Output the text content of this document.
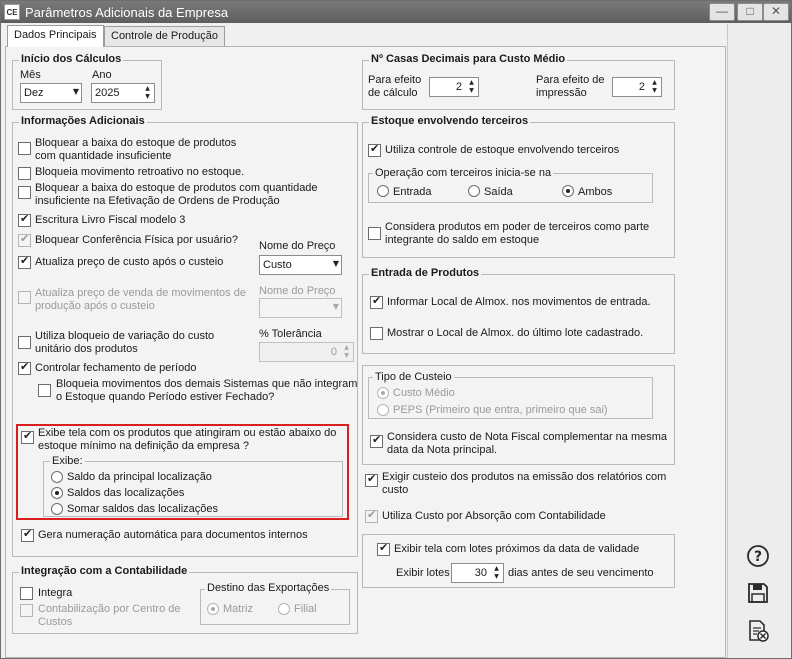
CE Parâmetros Adicionais da Empresa	—	□	✕
Dados Principais	Controle de Produção
Início dos Cálculos
Mês
Dez	▼
Ano
2025	▲
▼
Informações Adicionais
Bloquear a baixa do estoque de produtos
com quantidade insuficiente
Bloqueia movimento retroativo no estoque.
Bloquear a baixa do estoque de produtos com quantidade
insuficiente na Efetivação de Ordens de Produção
✔
Escritura Livro Fiscal modelo 3
✔
Bloquear Conferência Física por usuário? Nome do Preço
✔
Atualiza preço de custo após o custeio	Custo	▼
Nome do Preço
Atualiza preço de venda de movimentos de
produção após o custeio	▼
% Tolerância
Utiliza bloqueio de variação do custo
unitário dos produtos	0	▲
▼
✔
Controlar fechamento de período
Bloqueia movimentos dos demais Sistemas que não integram
o Estoque quando Período estiver Fechado?
✔
Exibe tela com os produtos que atingiram ou estão abaixo do
estoque mínimo na definição da empresa ?
Exibe:
Saldo da principal localização
Saldos das localizações
Somar saldos das localizações
✔
Gera numeração automática para documentos internos
Integração com a Contabilidade
Integra
Contabilização por Centro de
Custos
Destino das Exportações
Matriz	Filial
Nº Casas Decimais para Custo Médio
Para efeito
de cálculo	2	▲
▼
Para efeito de
impressão	2	▲
▼
Estoque envolvendo terceiros
✔
Utiliza controle de estoque envolvendo terceiros
Operação com terceiros inicia-se na
Entrada	Saída	Ambos
Considera produtos em poder de terceiros como parte
integrante do saldo em estoque
Entrada de Produtos
✔
Informar Local de Almox. nos movimentos de entrada.
Mostrar o Local de Almox. do último lote cadastrado.
Tipo de Custeio
Custo Médio
PEPS (Primeiro que entra, primeiro que sai)
✔
Considera custo de Nota Fiscal complementar na mesma
data da Nota principal.
✔
Exigir custeio dos produtos na emissão dos relatórios com
custo
✔
Utiliza Custo por Absorção com Contabilidade
✔
Exibir tela com lotes próximos da data de validade
Exibir lotes 30	▲
▼ dias antes de seu vencimento
?
